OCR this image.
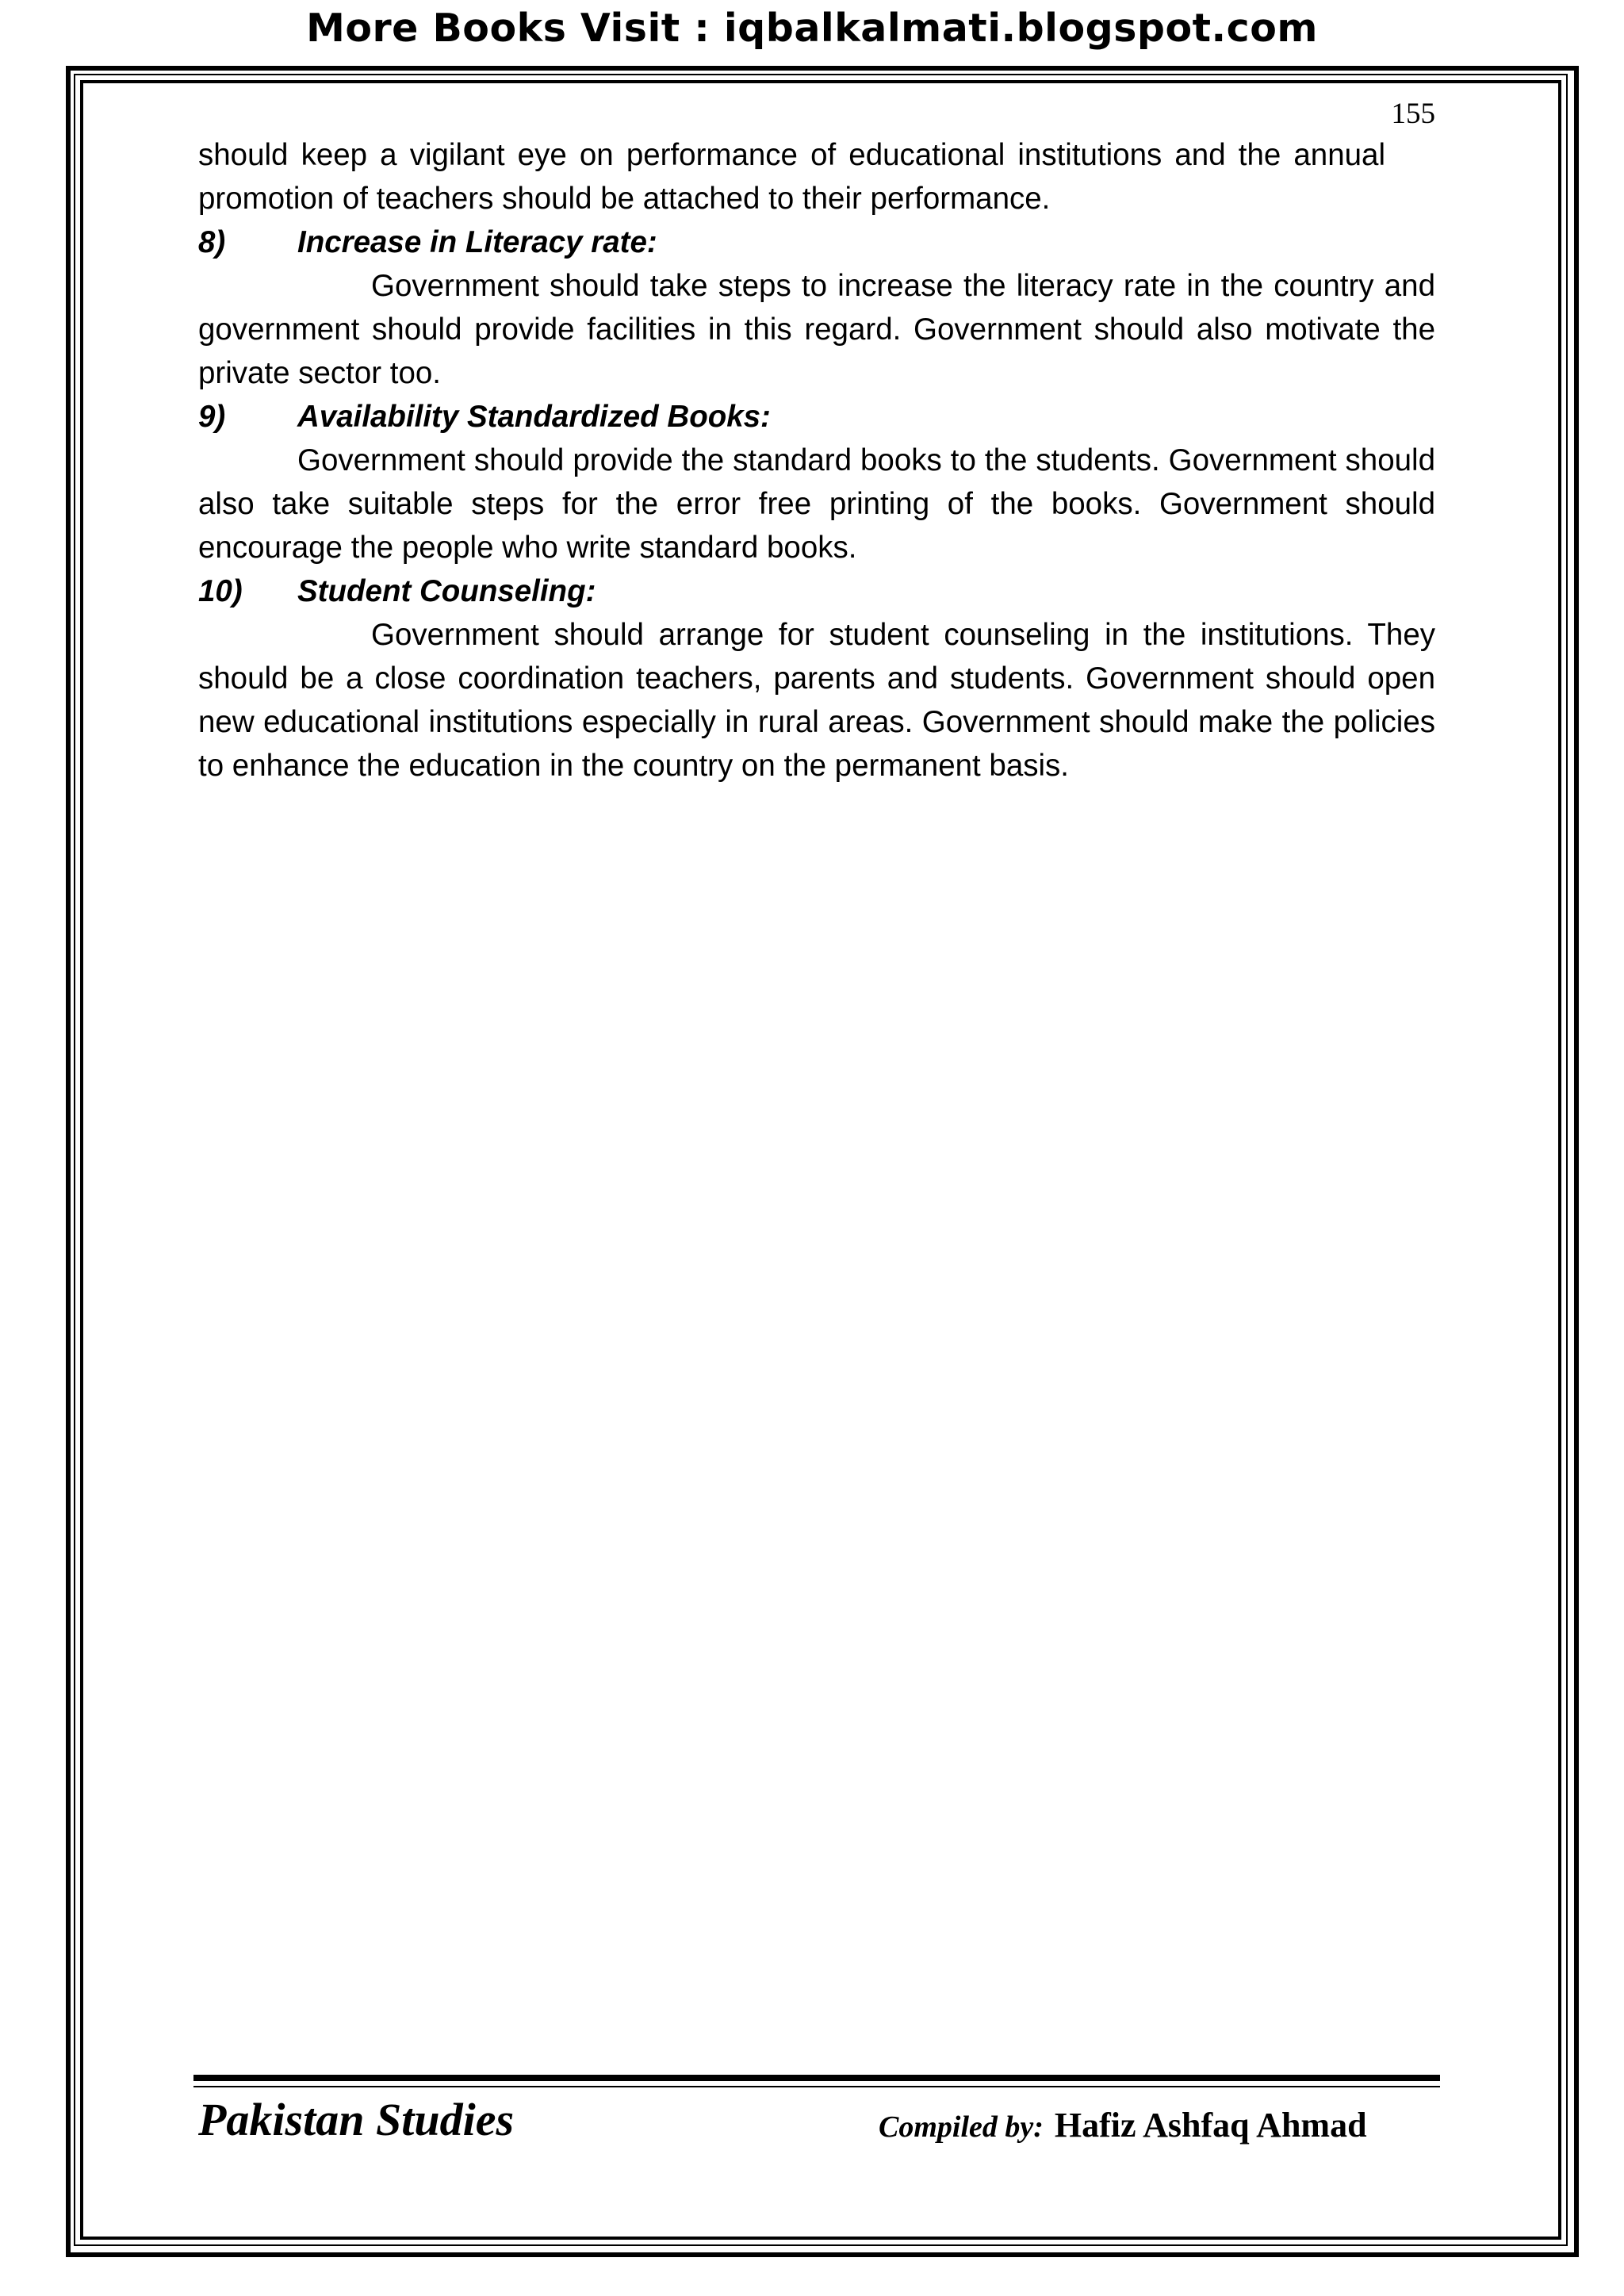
More Books Visit : iqbalkalmati.blogspot.com
155

should keep a vigilant eye on performance of educational institutions and the annual promotion of teachers should be attached to their performance.

8)	Increase in Literacy rate:

Government should take steps to increase the literacy rate in the country and government should provide facilities in this regard. Government should also motivate the private sector too.

9)	Availability Standardized Books:

Government should provide the standard books to the students. Government should also take suitable steps for the error free printing of the books. Government should encourage the people who write standard books.

10)	Student Counseling:

Government should arrange for student counseling in the institutions. They should be a close coordination teachers, parents and students. Government should open new educational institutions especially in rural areas. Government should make the policies to enhance the education in the country on the permanent basis.

Pakistan Studies	Compiled by: Hafiz Ashfaq Ahmad
